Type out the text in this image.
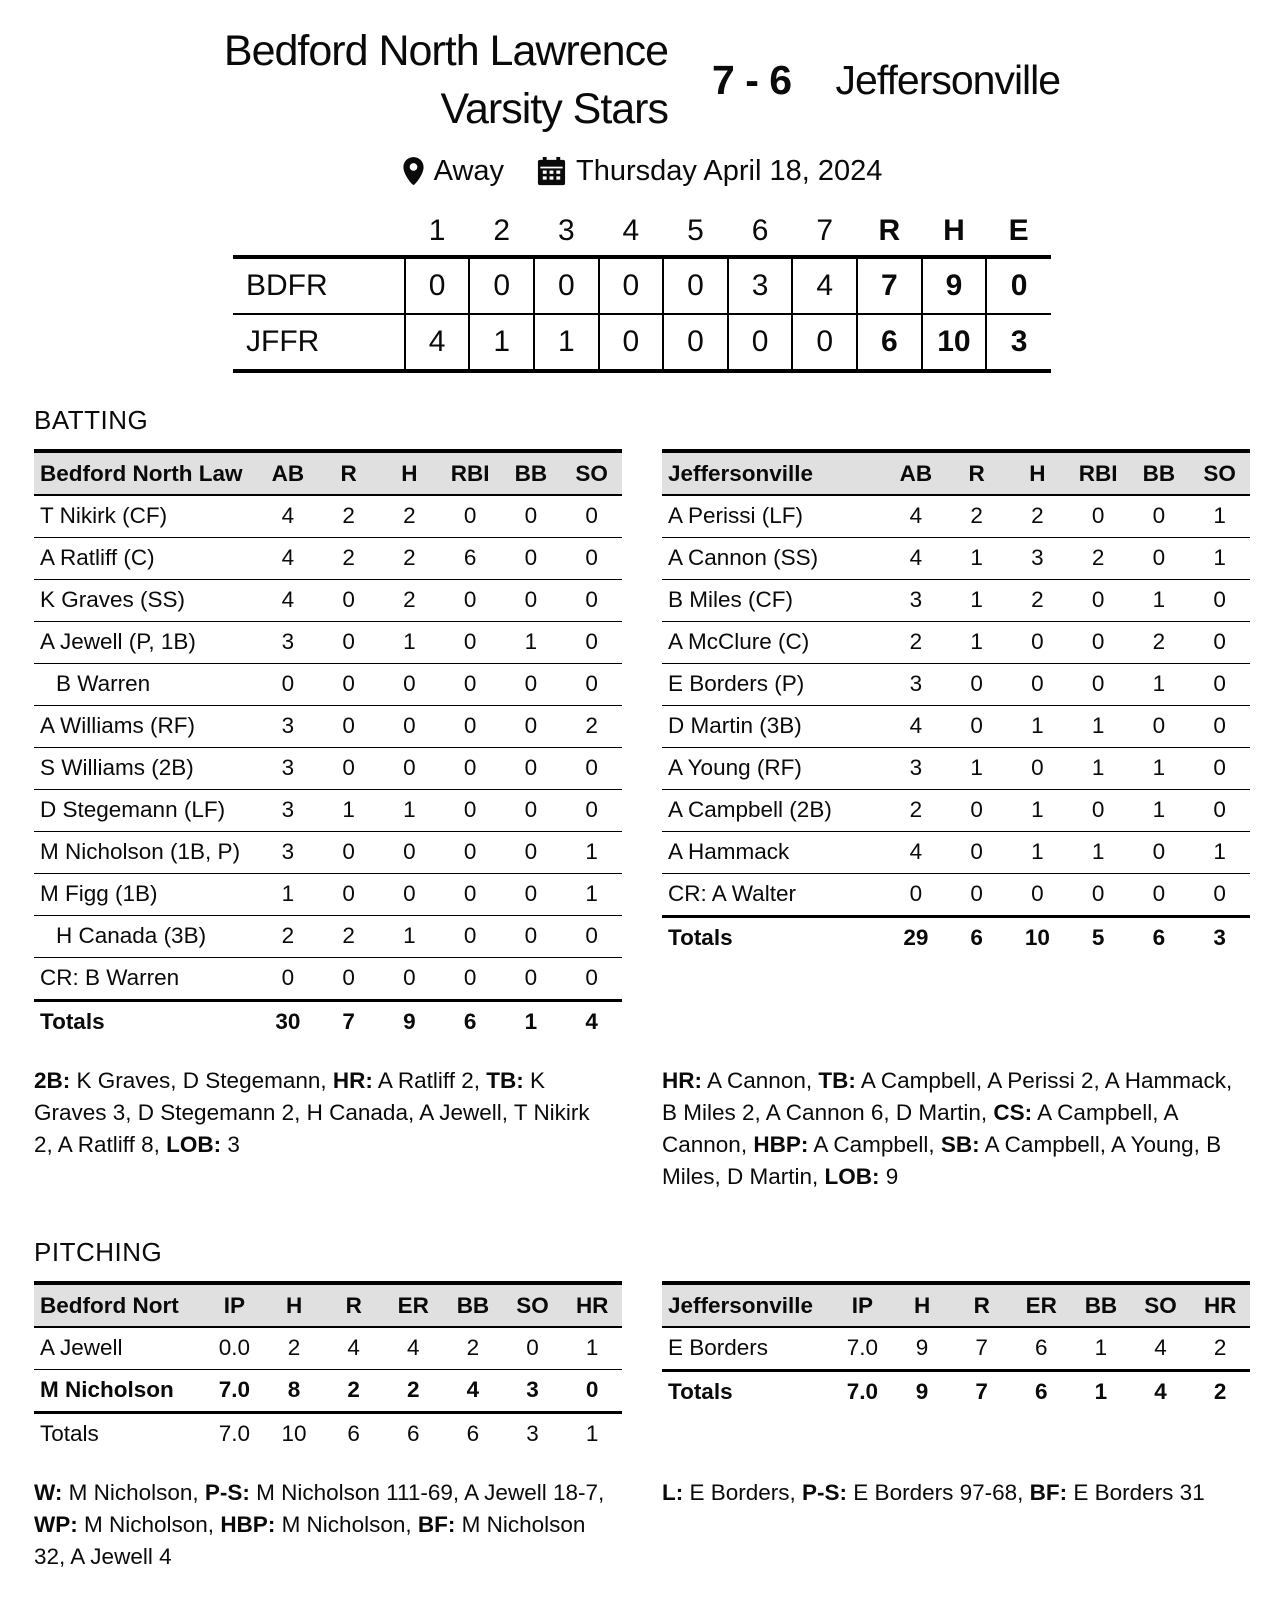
Bedford North Lawrence
Varsity Stars
7 - 6 Jeffersonville
Away Thursday April 18, 2024
	1	2	3	4	5	6	7	R	H	E
BDFR	0	0	0	0	0	3	4	7	9	0
JFFR	4	1	1	0	0	0	0	6	10	3
BATTING
Bedford North Law	AB	R	H	RBI	BB	SO
T Nikirk (CF)	4	2	2	0	0	0
A Ratliff (C)	4	2	2	6	0	0
K Graves (SS)	4	0	2	0	0	0
A Jewell (P, 1B)	3	0	1	0	1	0
B Warren	0	0	0	0	0	0
A Williams (RF)	3	0	0	0	0	2
S Williams (2B)	3	0	0	0	0	0
D Stegemann (LF)	3	1	1	0	0	0
M Nicholson (1B, P)	3	0	0	0	0	1
M Figg (1B)	1	0	0	0	0	1
H Canada (3B)	2	2	1	0	0	0
CR: B Warren	0	0	0	0	0	0
Totals	30	7	9	6	1	4
Jeffersonville	AB	R	H	RBI	BB	SO
A Perissi (LF)	4	2	2	0	0	1
A Cannon (SS)	4	1	3	2	0	1
B Miles (CF)	3	1	2	0	1	0
A McClure (C)	2	1	0	0	2	0
E Borders (P)	3	0	0	0	1	0
D Martin (3B)	4	0	1	1	0	0
A Young (RF)	3	1	0	1	1	0
A Campbell (2B)	2	0	1	0	1	0
A Hammack	4	0	1	1	0	1
CR: A Walter	0	0	0	0	0	0
Totals	29	6	10	5	6	3

2B: K Graves, D Stegemann, HR: A Ratliff 2, TB: K Graves 3, D Stegemann 2, H Canada, A Jewell, T Nikirk 2, A Ratliff 8, LOB: 3

HR: A Cannon, TB: A Campbell, A Perissi 2, A Hammack, B Miles 2, A Cannon 6, D Martin, CS: A Campbell, A Cannon, HBP: A Campbell, SB: A Campbell, A Young, B Miles, D Martin, LOB: 9

PITCHING
Bedford Nort	IP	H	R	ER	BB	SO	HR
A Jewell	0.0	2	4	4	2	0	1
M Nicholson	7.0	8	2	2	4	3	0
Totals	7.0	10	6	6	6	3	1
Jeffersonville	IP	H	R	ER	BB	SO	HR
E Borders	7.0	9	7	6	1	4	2
Totals	7.0	9	7	6	1	4	2

W: M Nicholson, P-S: M Nicholson 111-69, A Jewell 18-7, WP: M Nicholson, HBP: M Nicholson, BF: M Nicholson 32, A Jewell 4

L: E Borders, P-S: E Borders 97-68, BF: E Borders 31
